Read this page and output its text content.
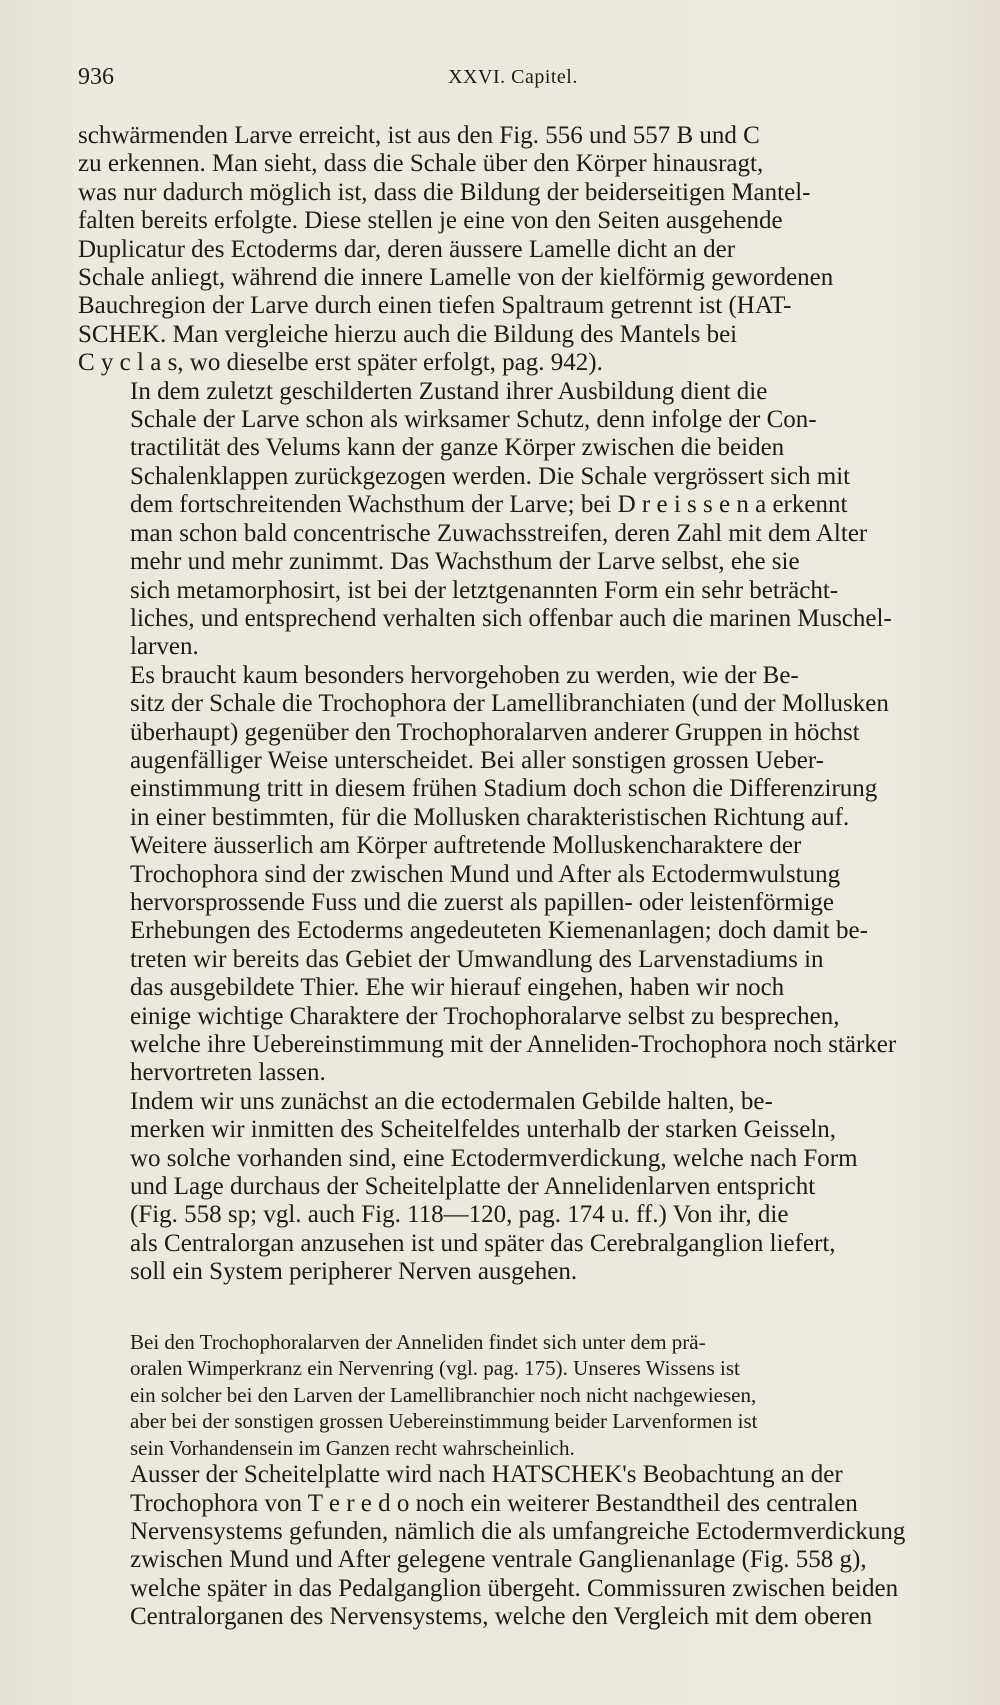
936	XXVI. Capitel.

schwärmenden Larve erreicht, ist aus den Fig. 556 und 557 B und C
zu erkennen. Man sieht, dass die Schale über den Körper hinausragt,
was nur dadurch möglich ist, dass die Bildung der beiderseitigen Mantel-
falten bereits erfolgte. Diese stellen je eine von den Seiten ausgehende
Duplicatur des Ectoderms dar, deren äussere Lamelle dicht an der
Schale anliegt, während die innere Lamelle von der kielförmig gewordenen
Bauchregion der Larve durch einen tiefen Spaltraum getrennt ist (HAT-
SCHEK. Man vergleiche hierzu auch die Bildung des Mantels bei
C y c l a s, wo dieselbe erst später erfolgt, pag. 942).

In dem zuletzt geschilderten Zustand ihrer Ausbildung dient die
Schale der Larve schon als wirksamer Schutz, denn infolge der Con-
tractilität des Velums kann der ganze Körper zwischen die beiden
Schalenklappen zurückgezogen werden. Die Schale vergrössert sich mit
dem fortschreitenden Wachsthum der Larve; bei D r e i s s e n a erkennt
man schon bald concentrische Zuwachsstreifen, deren Zahl mit dem Alter
mehr und mehr zunimmt. Das Wachsthum der Larve selbst, ehe sie
sich metamorphosirt, ist bei der letztgenannten Form ein sehr beträcht-
liches, und entsprechend verhalten sich offenbar auch die marinen Muschel-
larven.

Es braucht kaum besonders hervorgehoben zu werden, wie der Be-
sitz der Schale die Trochophora der Lamellibranchiaten (und der Mollusken
überhaupt) gegenüber den Trochophoralarven anderer Gruppen in höchst
augenfälliger Weise unterscheidet. Bei aller sonstigen grossen Ueber-
einstimmung tritt in diesem frühen Stadium doch schon die Differenzirung
in einer bestimmten, für die Mollusken charakteristischen Richtung auf.
Weitere äusserlich am Körper auftretende Molluskencharaktere der
Trochophora sind der zwischen Mund und After als Ectodermwulstung
hervorsprossende Fuss und die zuerst als papillen- oder leistenförmige
Erhebungen des Ectoderms angedeuteten Kiemenanlagen; doch damit be-
treten wir bereits das Gebiet der Umwandlung des Larvenstadiums in
das ausgebildete Thier. Ehe wir hierauf eingehen, haben wir noch
einige wichtige Charaktere der Trochophoralarve selbst zu besprechen,
welche ihre Uebereinstimmung mit der Anneliden-Trochophora noch stärker
hervortreten lassen.

Indem wir uns zunächst an die ectodermalen Gebilde halten, be-
merken wir inmitten des Scheitelfeldes unterhalb der starken Geisseln,
wo solche vorhanden sind, eine Ectodermverdickung, welche nach Form
und Lage durchaus der Scheitelplatte der Annelidenlarven entspricht
(Fig. 558 sp; vgl. auch Fig. 118—120, pag. 174 u. ff.) Von ihr, die
als Centralorgan anzusehen ist und später das Cerebralganglion liefert,
soll ein System peripherer Nerven ausgehen.

Bei den Trochophoralarven der Anneliden findet sich unter dem prä-
oralen Wimperkranz ein Nervenring (vgl. pag. 175). Unseres Wissens ist
ein solcher bei den Larven der Lamellibranchier noch nicht nachgewiesen,
aber bei der sonstigen grossen Uebereinstimmung beider Larvenformen ist
sein Vorhandensein im Ganzen recht wahrscheinlich.

Ausser der Scheitelplatte wird nach HATSCHEK's Beobachtung an der
Trochophora von T e r e d o noch ein weiterer Bestandtheil des centralen
Nervensystems gefunden, nämlich die als umfangreiche Ectodermverdickung
zwischen Mund und After gelegene ventrale Ganglienanlage (Fig. 558 g),
welche später in das Pedalganglion übergeht. Commissuren zwischen beiden
Centralorganen des Nervensystems, welche den Vergleich mit dem oberen
